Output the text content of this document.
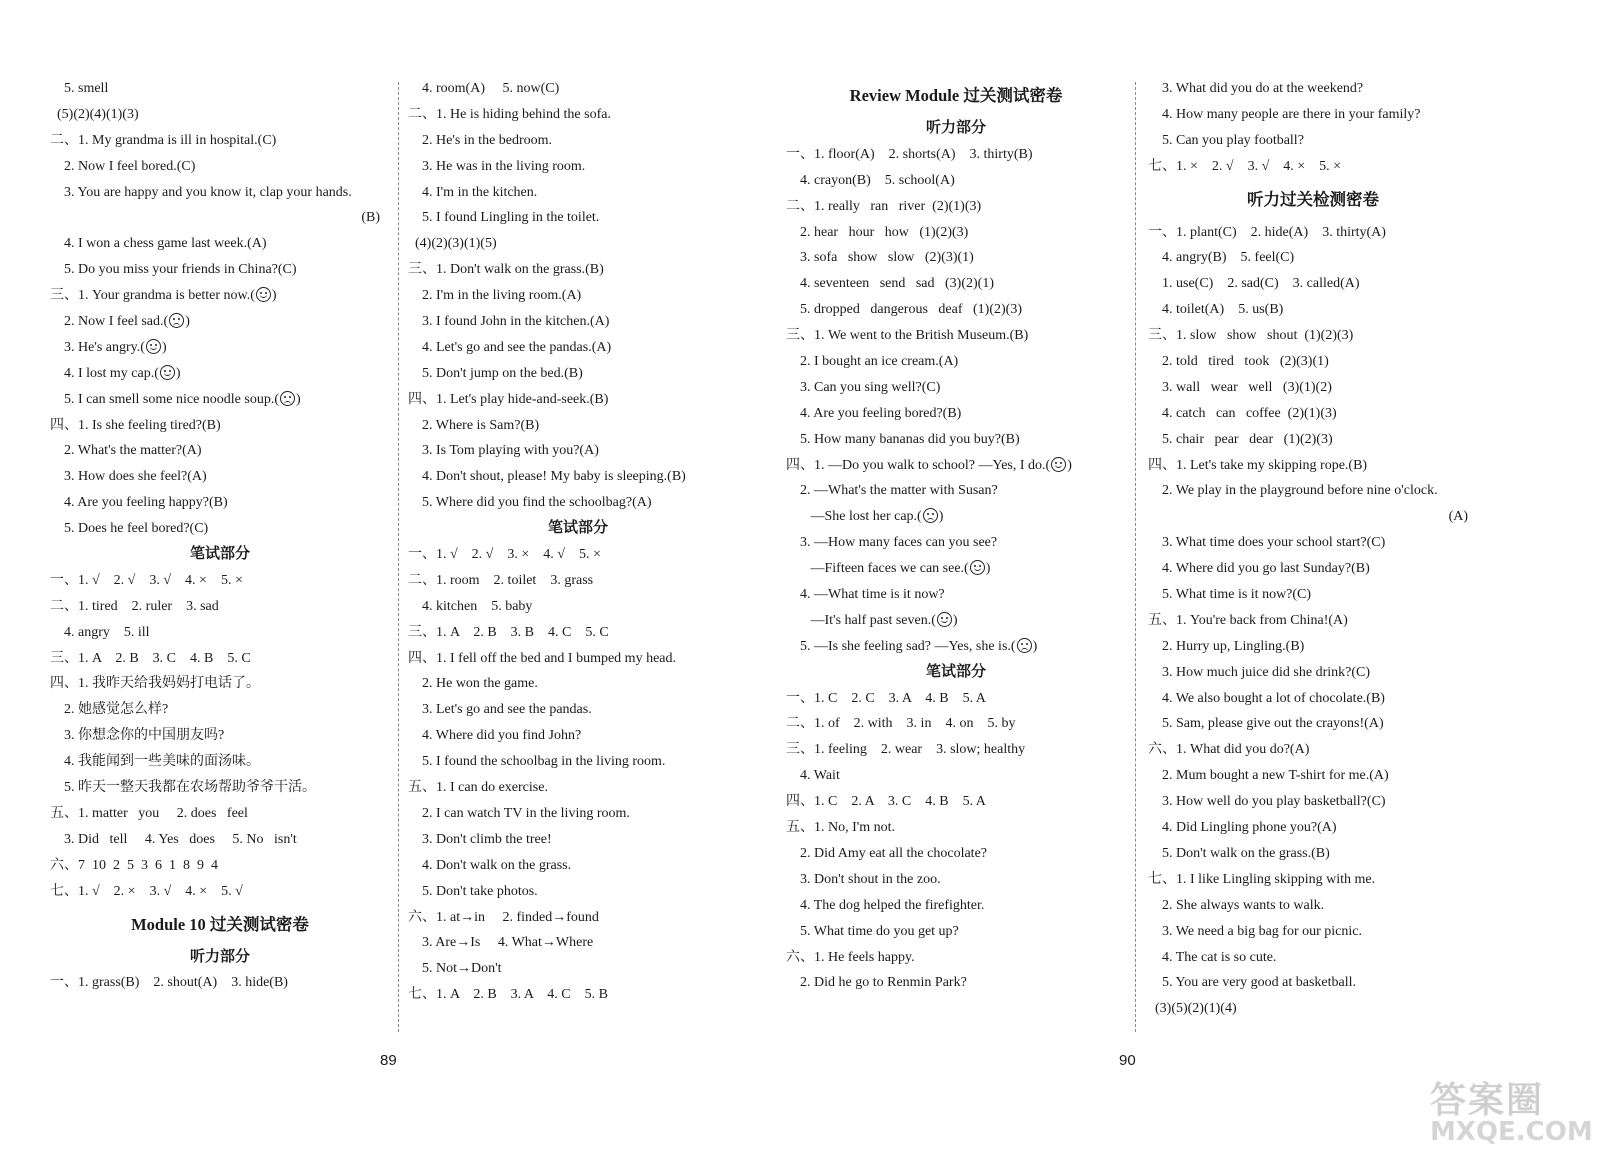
5. smell
(5)(2)(4)(1)(3)
二、1. My grandma is ill in hospital.(C)
2. Now I feel bored.(C)
3. You are happy and you know it, clap your hands.
(B)
4. I won a chess game last week.(A)
5. Do you miss your friends in China?(C)
三、1. Your grandma is better now.( )
2. Now I feel sad.( )
3. He's angry.( )
4. I lost my cap.( )
5. I can smell some nice noodle soup.( )
四、1. Is she feeling tired?(B)
2. What's the matter?(A)
3. How does she feel?(A)
4. Are you feeling happy?(B)
5. Does he feel bored?(C)
笔试部分
一、1. √    2. √    3. √    4. ×    5. ×
二、1. tired    2. ruler    3. sad
4. angry    5. ill
三、1. A    2. B    3. C    4. B    5. C
四、1. 我昨天给我妈妈打电话了。
2. 她感觉怎么样?
3. 你想念你的中国朋友吗?
4. 我能闻到一些美味的面汤味。
5. 昨天一整天我都在农场帮助爷爷干活。
五、1. matter   you     2. does   feel
3. Did   tell     4. Yes   does     5. No   isn't
六、7  10  2  5  3  6  1  8  9  4
七、1. √    2. ×    3. √    4. ×    5. √
Module 10 过关测试密卷
听力部分
一、1. grass(B)    2. shout(A)    3. hide(B)
4. room(A)     5. now(C)
二、1. He is hiding behind the sofa.
2. He's in the bedroom.
3. He was in the living room.
4. I'm in the kitchen.
5. I found Lingling in the toilet.
(4)(2)(3)(1)(5)
三、1. Don't walk on the grass.(B)
2. I'm in the living room.(A)
3. I found John in the kitchen.(A)
4. Let's go and see the pandas.(A)
5. Don't jump on the bed.(B)
四、1. Let's play hide-and-seek.(B)
2. Where is Sam?(B)
3. Is Tom playing with you?(A)
4. Don't shout, please! My baby is sleeping.(B)
5. Where did you find the schoolbag?(A)
笔试部分
一、1. √    2. √    3. ×    4. √    5. ×
二、1. room    2. toilet    3. grass
4. kitchen    5. baby
三、1. A    2. B    3. B    4. C    5. C
四、1. I fell off the bed and I bumped my head.
2. He won the game.
3. Let's go and see the pandas.
4. Where did you find John?
5. I found the schoolbag in the living room.
五、1. I can do exercise.
2. I can watch TV in the living room.
3. Don't climb the tree!
4. Don't walk on the grass.
5. Don't take photos.
六、1. at→in     2. finded→found
3. Are→Is     4. What→Where
5. Not→Don't
七、1. A    2. B    3. A    4. C    5. B
Review Module 过关测试密卷
听力部分
一、1. floor(A)    2. shorts(A)    3. thirty(B)
4. crayon(B)    5. school(A)
二、1. really   ran   river  (2)(1)(3)
2. hear   hour   how   (1)(2)(3)
3. sofa   show   slow   (2)(3)(1)
4. seventeen   send   sad   (3)(2)(1)
5. dropped   dangerous   deaf   (1)(2)(3)
三、1. We went to the British Museum.(B)
2. I bought an ice cream.(A)
3. Can you sing well?(C)
4. Are you feeling bored?(B)
5. How many bananas did you buy?(B)
四、1. —Do you walk to school? —Yes, I do.( )
2. —What's the matter with Susan?
—She lost her cap.( )
3. —How many faces can you see?
—Fifteen faces we can see.( )
4. —What time is it now?
—It's half past seven.( )
5. —Is she feeling sad? —Yes, she is.( )
笔试部分
一、1. C    2. C    3. A    4. B    5. A
二、1. of    2. with    3. in    4. on    5. by
三、1. feeling    2. wear    3. slow; healthy
4. Wait
四、1. C    2. A    3. C    4. B    5. A
五、1. No, I'm not.
2. Did Amy eat all the chocolate?
3. Don't shout in the zoo.
4. The dog helped the firefighter.
5. What time do you get up?
六、1. He feels happy.
2. Did he go to Renmin Park?
3. What did you do at the weekend?
4. How many people are there in your family?
5. Can you play football?
七、1. ×    2. √    3. √    4. ×    5. ×
听力过关检测密卷
一、1. plant(C)    2. hide(A)    3. thirty(A)
4. angry(B)    5. feel(C)
1. use(C)    2. sad(C)    3. called(A)
4. toilet(A)    5. us(B)
三、1. slow   show   shout  (1)(2)(3)
2. told   tired   took   (2)(3)(1)
3. wall   wear   well   (3)(1)(2)
4. catch   can   coffee  (2)(1)(3)
5. chair   pear   dear   (1)(2)(3)
四、1. Let's take my skipping rope.(B)
2. We play in the playground before nine o'clock.
(A)
3. What time does your school start?(C)
4. Where did you go last Sunday?(B)
5. What time is it now?(C)
五、1. You're back from China!(A)
2. Hurry up, Lingling.(B)
3. How much juice did she drink?(C)
4. We also bought a lot of chocolate.(B)
5. Sam, please give out the crayons!(A)
六、1. What did you do?(A)
2. Mum bought a new T-shirt for me.(A)
3. How well do you play basketball?(C)
4. Did Lingling phone you?(A)
5. Don't walk on the grass.(B)
七、1. I like Lingling skipping with me.
2. She always wants to walk.
3. We need a big bag for our picnic.
4. The cat is so cute.
5. You are very good at basketball.
(3)(5)(2)(1)(4)
89	90
答案圈
MXQE.COM
